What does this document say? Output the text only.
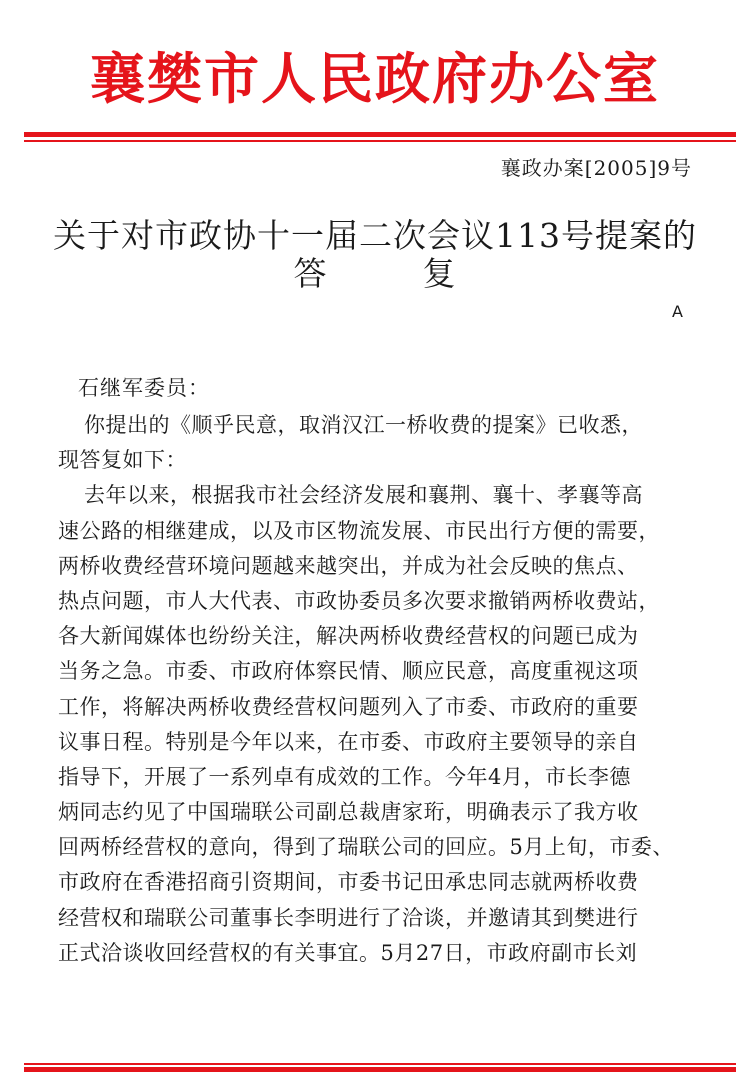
襄樊市人民政府办公室
襄政办案[2005]9号
关于对市政协十一届二次会议113号提案的
答	复
A
石继军委员：
你提出的《顺乎民意，取消汉江一桥收费的提案》已收悉，
现答复如下：
去年以来，根据我市社会经济发展和襄荆、襄十、孝襄等高
速公路的相继建成，以及市区物流发展、市民出行方便的需要，
两桥收费经营环境问题越来越突出，并成为社会反映的焦点、
热点问题，市人大代表、市政协委员多次要求撤销两桥收费站，
各大新闻媒体也纷纷关注，解决两桥收费经营权的问题已成为
当务之急。市委、市政府体察民情、顺应民意，高度重视这项
工作，将解决两桥收费经营权问题列入了市委、市政府的重要
议事日程。特别是今年以来，在市委、市政府主要领导的亲自
指导下，开展了一系列卓有成效的工作。今年4月，市长李德
炳同志约见了中国瑞联公司副总裁唐家珩，明确表示了我方收
回两桥经营权的意向，得到了瑞联公司的回应。5月上旬，市委、
市政府在香港招商引资期间，市委书记田承忠同志就两桥收费
经营权和瑞联公司董事长李明进行了洽谈，并邀请其到樊进行
正式洽谈收回经营权的有关事宜。5月27日，市政府副市长刘
